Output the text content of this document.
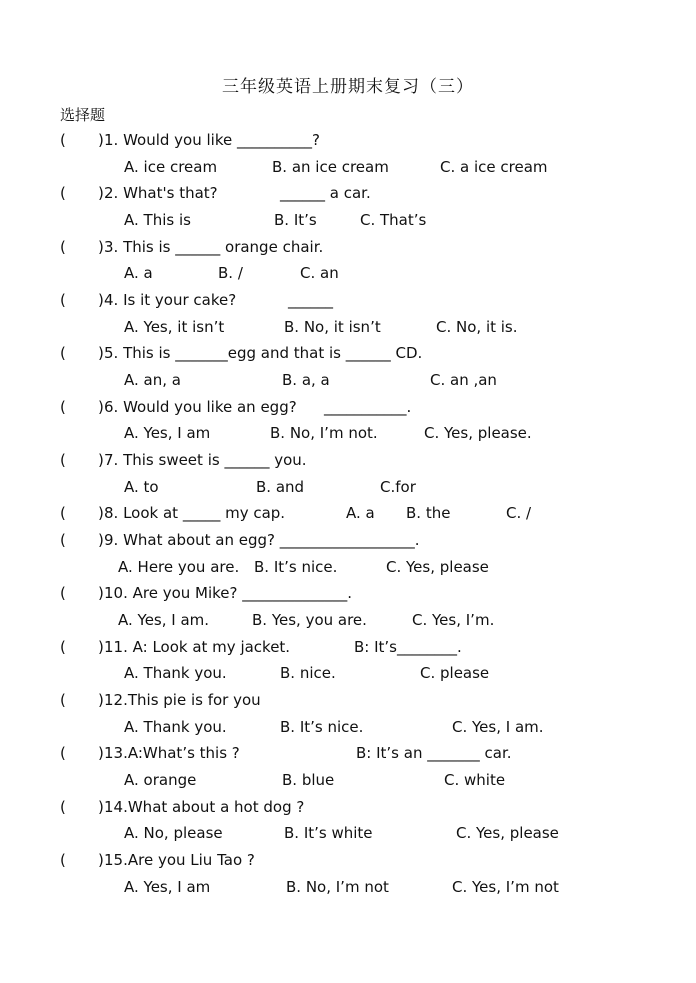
三年级英语上册期末复习（三）
选择题
( ) 1. Would you like __________?
A. ice cream	B. an ice cream	C. a ice cream
( ) 2. What's that?	______ a car.
A. This is	B. It’s	C. That’s
( ) 3. This is ______ orange chair.
A. a	B. /	C. an
( ) 4. Is it your cake?	______
A. Yes, it isn’t	B. No, it isn’t	C. No, it is.
( ) 5. This is _______egg and that is ______ CD.
A. an, a	B. a, a	C. an ,an
( ) 6. Would you like an egg? ___________.
A. Yes, I am	B. No, I’m not.	C. Yes, please.
( ) 7. This sweet is ______ you.
A. to	B. and	C.for
( ) 8. Look at _____ my cap.	A. a B. the	C. /
( ) 9. What about an egg? __________________.
A. Here you are. B. It’s nice.	C. Yes, please
( ) 10. Are you Mike? ______________.
A. Yes, I am.	B. Yes, you are.	C. Yes, I’m.
( ) 11. A: Look at my jacket.	B: It’s________.
A. Thank you.	B. nice.	C. please
( ) 12.This pie is for you
A. Thank you.	B. It’s nice.	C. Yes, I am.
( ) 13.A:What’s this ?	B: It’s an _______ car.
A. orange	B. blue	C. white
( ) 14.What about a hot dog ?
A. No, please	B. It’s white	C. Yes, please
( ) 15.Are you Liu Tao ?
A. Yes, I am	B. No, I’m not	C. Yes, I’m not
